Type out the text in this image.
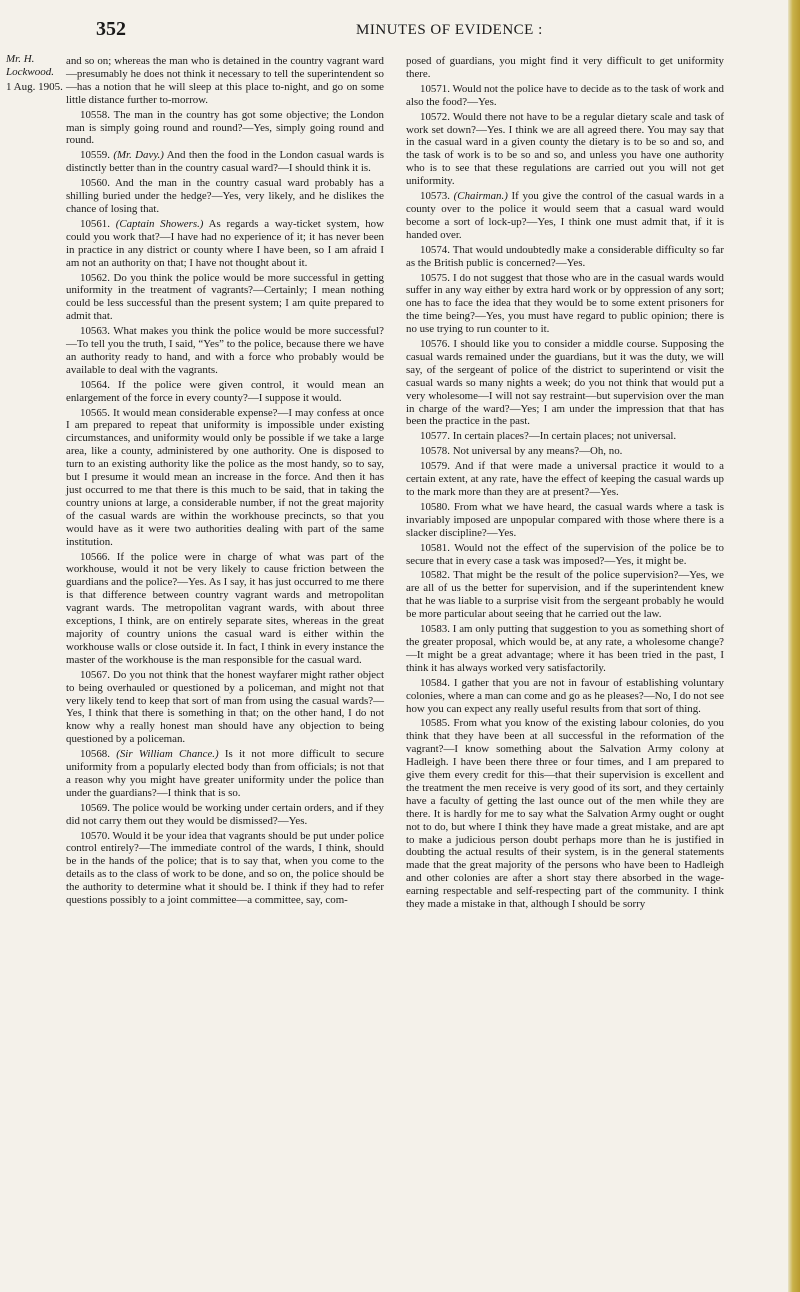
352	MINUTES OF EVIDENCE :
Mr. H. Lockwood.
1 Aug. 1905.

and so on; whereas the man who is detained in the country vagrant ward—presumably he does not think it necessary to tell the superintendent so—has a notion that he will sleep at this place to-night, and go on some little distance further to-morrow.

10558. The man in the country has got some objective; the London man is simply going round and round?—Yes, simply going round and round.

10559. (Mr. Davy.) And then the food in the London casual wards is distinctly better than in the country casual ward?—I should think it is.

10560. And the man in the country casual ward probably has a shilling buried under the hedge?—Yes, very likely, and he dislikes the chance of losing that.

10561. (Captain Showers.) As regards a way-ticket system, how could you work that?—I have had no experience of it; it has never been in practice in any district or county where I have been, so I am afraid I am not an authority on that; I have not thought about it.

10562. Do you think the police would be more successful in getting uniformity in the treatment of vagrants?—Certainly; I mean nothing could be less successful than the present system; I am quite prepared to admit that.

10563. What makes you think the police would be more successful?—To tell you the truth, I said, “Yes” to the police, because there we have an authority ready to hand, and with a force who probably would be available to deal with the vagrants.

10564. If the police were given control, it would mean an enlargement of the force in every county?—I suppose it would.

10565. It would mean considerable expense?—I may confess at once I am prepared to repeat that uniformity is impossible under existing circumstances, and uniformity would only be possible if we take a large area, like a county, administered by one authority. One is disposed to turn to an existing authority like the police as the most handy, so to say, but I presume it would mean an increase in the force. And then it has just occurred to me that there is this much to be said, that in taking the country unions at large, a considerable number, if not the great majority of the casual wards are within the workhouse precincts, so that you would have as it were two authorities dealing with part of the same institution.

10566. If the police were in charge of what was part of the workhouse, would it not be very likely to cause friction between the guardians and the police?—Yes. As I say, it has just occurred to me there is that difference between country vagrant wards and metropolitan vagrant wards. The metropolitan vagrant wards, with about three exceptions, I think, are on entirely separate sites, whereas in the great majority of country unions the casual ward is either within the workhouse walls or close outside it. In fact, I think in every instance the master of the workhouse is the man responsible for the casual ward.

10567. Do you not think that the honest wayfarer might rather object to being overhauled or questioned by a policeman, and might not that very likely tend to keep that sort of man from using the casual wards?—Yes, I think that there is something in that; on the other hand, I do not know why a really honest man should have any objection to being questioned by a policeman.

10568. (Sir William Chance.) Is it not more difficult to secure uniformity from a popularly elected body than from officials; is not that a reason why you might have greater uniformity under the police than under the guardians?—I think that is so.

10569. The police would be working under certain orders, and if they did not carry them out they would be dismissed?—Yes.

10570. Would it be your idea that vagrants should be put under police control entirely?—The immediate control of the wards, I think, should be in the hands of the police; that is to say that, when you come to the details as to the class of work to be done, and so on, the police should be the authority to determine what it should be. I think if they had to refer questions possibly to a joint committee—a committee, say, com-

posed of guardians, you might find it very difficult to get uniformity there.

10571. Would not the police have to decide as to the task of work and also the food?—Yes.

10572. Would there not have to be a regular dietary scale and task of work set down?—Yes. I think we are all agreed there. You may say that in the casual ward in a given county the dietary is to be so and so, and the task of work is to be so and so, and unless you have one authority who is to see that these regulations are carried out you will not get uniformity.

10573. (Chairman.) If you give the control of the casual wards in a county over to the police it would seem that a casual ward would become a sort of lock-up?—Yes, I think one must admit that, if it is handed over.

10574. That would undoubtedly make a considerable difficulty so far as the British public is concerned?—Yes.

10575. I do not suggest that those who are in the casual wards would suffer in any way either by extra hard work or by oppression of any sort; one has to face the idea that they would be to some extent prisoners for the time being?—Yes, you must have regard to public opinion; there is no use trying to run counter to it.

10576. I should like you to consider a middle course. Supposing the casual wards remained under the guardians, but it was the duty, we will say, of the sergeant of police of the district to superintend or visit the casual wards so many nights a week; do you not think that would put a very wholesome—I will not say restraint—but supervision over the man in charge of the ward?—Yes; I am under the impression that that has been the practice in the past.

10577. In certain places?—In certain places; not universal.

10578. Not universal by any means?—Oh, no.

10579. And if that were made a universal practice it would to a certain extent, at any rate, have the effect of keeping the casual wards up to the mark more than they are at present?—Yes.

10580. From what we have heard, the casual wards where a task is invariably imposed are unpopular compared with those where there is a slacker discipline?—Yes.

10581. Would not the effect of the supervision of the police be to secure that in every case a task was imposed?—Yes, it might be.

10582. That might be the result of the police supervision?—Yes, we are all of us the better for supervision, and if the superintendent knew that he was liable to a surprise visit from the sergeant probably he would be more particular about seeing that he carried out the law.

10583. I am only putting that suggestion to you as something short of the greater proposal, which would be, at any rate, a wholesome change?—It might be a great advantage; where it has been tried in the past, I think it has always worked very satisfactorily.

10584. I gather that you are not in favour of establishing voluntary colonies, where a man can come and go as he pleases?—No, I do not see how you can expect any really useful results from that sort of thing.

10585. From what you know of the existing labour colonies, do you think that they have been at all successful in the reformation of the vagrant?—I know something about the Salvation Army colony at Hadleigh. I have been there three or four times, and I am prepared to give them every credit for this—that their supervision is excellent and the treatment the men receive is very good of its sort, and they certainly have a faculty of getting the last ounce out of the men while they are there. It is hardly for me to say what the Salvation Army ought or ought not to do, but where I think they have made a great mistake, and are apt to make a judicious person doubt perhaps more than he is justified in doubting the actual results of their system, is in the general statements made that the great majority of the persons who have been to Hadleigh and other colonies are after a short stay there absorbed in the wage-earning respectable and self-respecting part of the community. I think they made a mistake in that, although I should be sorry
